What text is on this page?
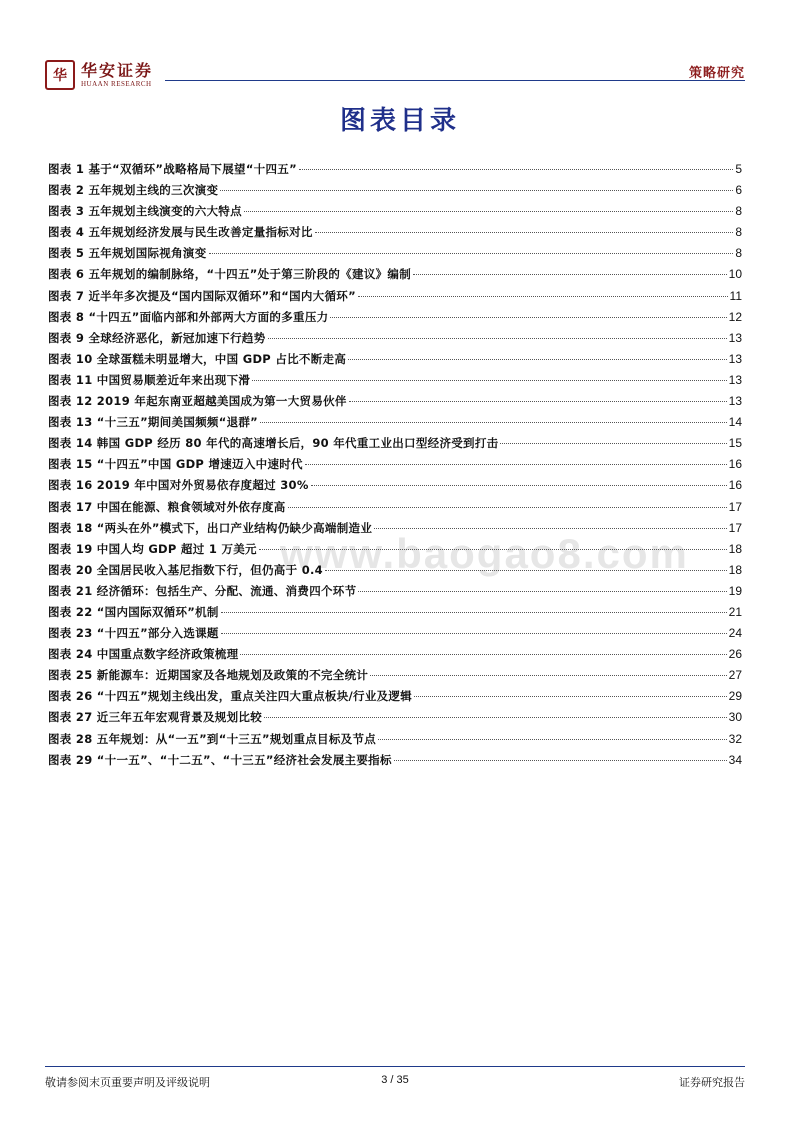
华 华安证券
HUAAN RESEARCH
策略研究
图表目录
www.baogao8.com
图表 1 基于“双循环”战略格局下展望“十四五”	5
图表 2 五年规划主线的三次演变	6
图表 3 五年规划主线演变的六大特点	8
图表 4 五年规划经济发展与民生改善定量指标对比	8
图表 5 五年规划国际视角演变	8
图表 6 五年规划的编制脉络，“十四五”处于第三阶段的《建议》编制	10
图表 7 近半年多次提及“国内国际双循环”和“国内大循环”	11
图表 8 “十四五”面临内部和外部两大方面的多重压力	12
图表 9 全球经济恶化，新冠加速下行趋势	13
图表 10 全球蛋糕未明显增大，中国 GDP 占比不断走高	13
图表 11 中国贸易顺差近年来出现下滑	13
图表 12 2019 年起东南亚超越美国成为第一大贸易伙伴	13
图表 13 “十三五”期间美国频频“退群”	14
图表 14 韩国 GDP 经历 80 年代的高速增长后，90 年代重工业出口型经济受到打击	15
图表 15 “十四五”中国 GDP 增速迈入中速时代	16
图表 16 2019 年中国对外贸易依存度超过 30%	16
图表 17 中国在能源、粮食领域对外依存度高	17
图表 18 “两头在外”模式下，出口产业结构仍缺少高端制造业	17
图表 19 中国人均 GDP 超过 1 万美元	18
图表 20 全国居民收入基尼指数下行，但仍高于 0.4	18
图表 21 经济循环：包括生产、分配、流通、消费四个环节	19
图表 22 “国内国际双循环”机制	21
图表 23 “十四五”部分入选课题	24
图表 24 中国重点数字经济政策梳理	26
图表 25 新能源车：近期国家及各地规划及政策的不完全统计	27
图表 26 “十四五”规划主线出发，重点关注四大重点板块/行业及逻辑	29
图表 27 近三年五年宏观背景及规划比较	30
图表 28 五年规划：从“一五”到“十三五”规划重点目标及节点	32
图表 29 “十一五”、“十二五”、“十三五”经济社会发展主要指标	34
敬请参阅末页重要声明及评级说明	3 / 35	证券研究报告
